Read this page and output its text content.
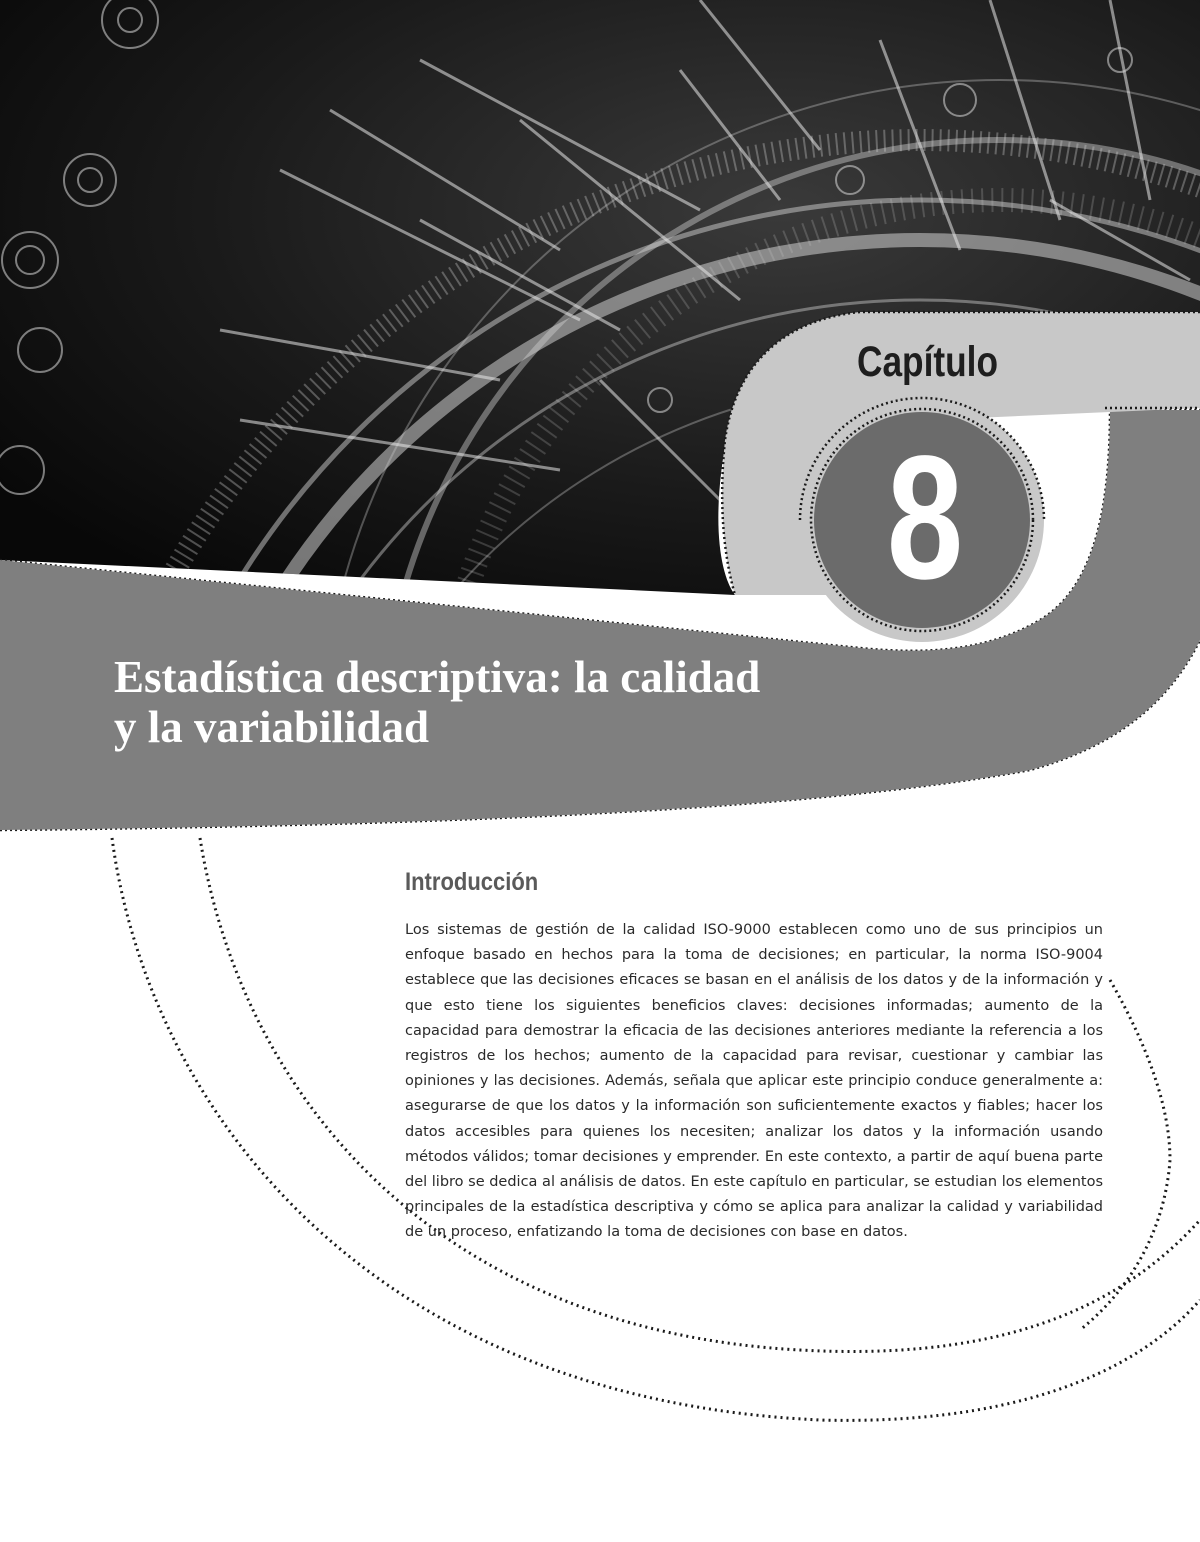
Capítulo
8
Estadística descriptiva: la calidad
y la variabilidad
Introducción

Los sistemas de gestión de la calidad ISO-9000 establecen como uno de sus principios un enfoque basado en hechos para la toma de decisiones; en particular, la norma ISO-9004 establece que las decisiones eficaces se basan en el análisis de los datos y de la información y que esto tiene los siguientes beneficios claves: decisiones informadas; aumento de la capacidad para demostrar la eficacia de las decisiones anteriores mediante la referencia a los registros de los hechos; aumento de la capacidad para revisar, cuestionar y cambiar las opiniones y las decisiones. Además, señala que aplicar este principio conduce generalmente a: asegurarse de que los datos y la información son suficientemente exactos y fiables; hacer los datos accesibles para quienes los necesiten; analizar los datos y la información usando métodos válidos; tomar decisiones y emprender. En este contexto, a partir de aquí buena parte del libro se dedica al análisis de datos. En este capítulo en particular, se estudian los elementos principales de la estadística descriptiva y cómo se aplica para analizar la calidad y variabilidad de un proceso, enfatizando la toma de decisiones con base en datos.
